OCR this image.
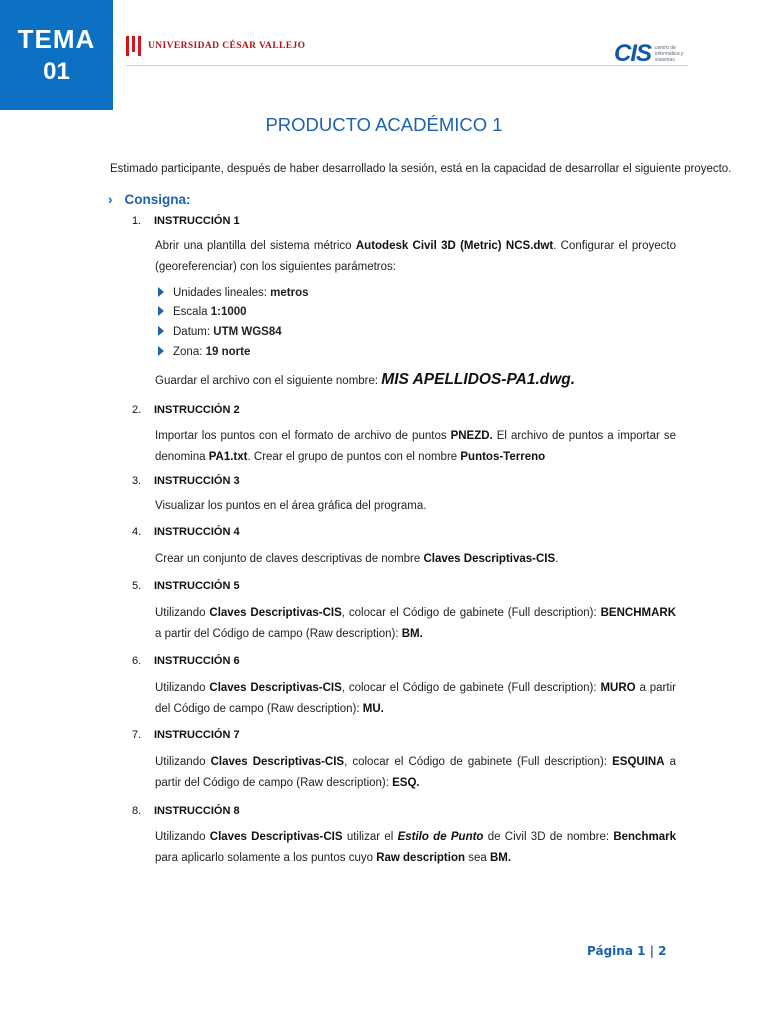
TEMA
01
UNIVERSIDAD CÉSAR VALLEJO	CIS centro de informática y sistemas
PRODUCTO ACADÉMICO 1
Estimado participante, después de haber desarrollado la sesión, está en la capacidad de desarrollar el siguiente proyecto.
› Consigna:
1. INSTRUCCIÓN 1
Abrir una plantilla del sistema métrico Autodesk Civil 3D (Metric) NCS.dwt. Configurar el proyecto (georeferenciar) con los siguientes parámetros:
Unidades lineales: metros
Escala 1:1000
Datum: UTM WGS84
Zona: 19 norte
Guardar el archivo con el siguiente nombre: MIS APELLIDOS-PA1.dwg.
2. INSTRUCCIÓN 2
Importar los puntos con el formato de archivo de puntos PNEZD. El archivo de puntos a importar se denomina PA1.txt. Crear el grupo de puntos con el nombre Puntos-Terreno
3. INSTRUCCIÓN 3
Visualizar los puntos en el área gráfica del programa.
4. INSTRUCCIÓN 4
Crear un conjunto de claves descriptivas de nombre Claves Descriptivas-CIS.
5. INSTRUCCIÓN 5
Utilizando Claves Descriptivas-CIS, colocar el Código de gabinete (Full description): BENCHMARK a partir del Código de campo (Raw description): BM.
6. INSTRUCCIÓN 6
Utilizando Claves Descriptivas-CIS, colocar el Código de gabinete (Full description): MURO a partir del Código de campo (Raw description): MU.
7. INSTRUCCIÓN 7
Utilizando Claves Descriptivas-CIS, colocar el Código de gabinete (Full description): ESQUINA a partir del Código de campo (Raw description): ESQ.
8. INSTRUCCIÓN 8
Utilizando Claves Descriptivas-CIS utilizar el Estilo de Punto de Civil 3D de nombre: Benchmark para aplicarlo solamente a los puntos cuyo Raw description sea BM.
Página 1 | 2
